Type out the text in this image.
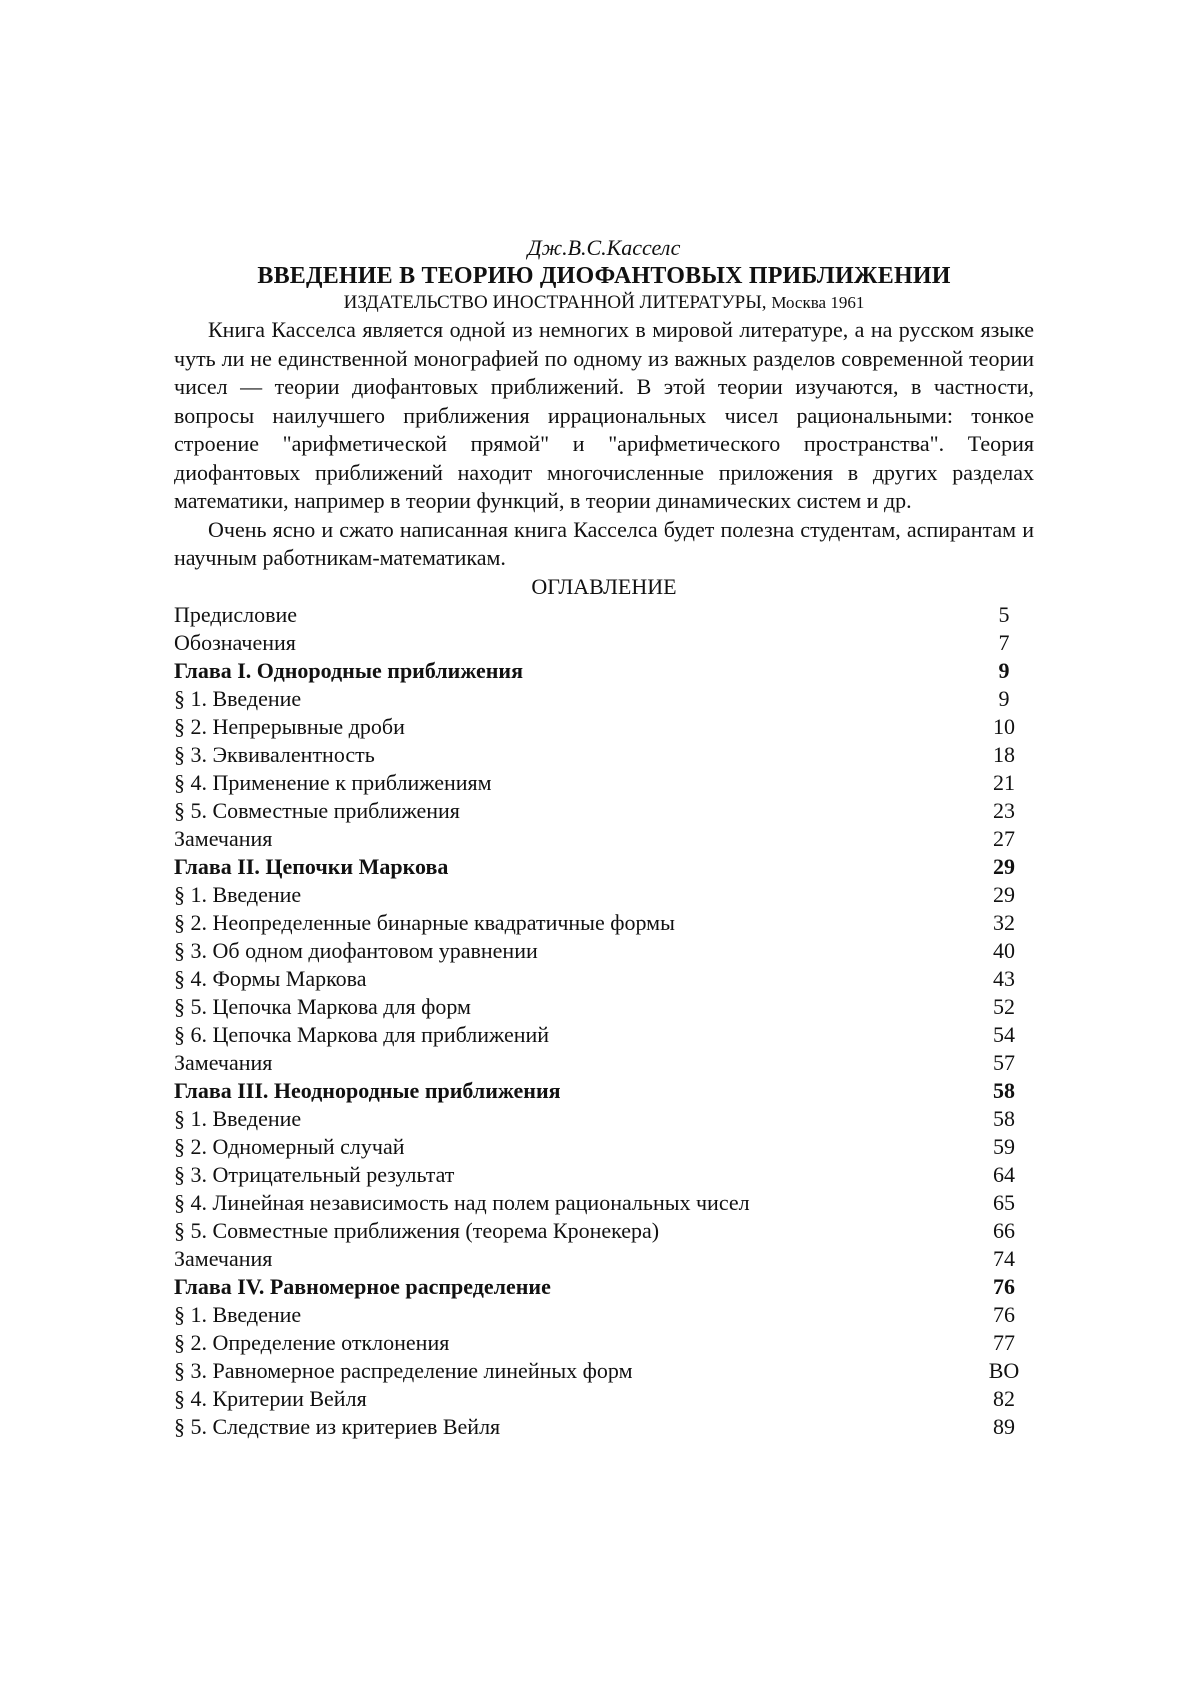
Дж.В.С.Касселс

ВВЕДЕНИЕ В ТЕОРИЮ ДИОФАНТОВЫХ ПРИБЛИЖЕНИИ

ИЗДАТЕЛЬСТВО ИНОСТРАННОЙ ЛИТЕРАТУРЫ, Москва 1961

Книга Касселса является одной из немногих в мировой литературе, а на русском языке чуть ли не единственной монографией по одному из важных разделов современной теории чисел — теории диофантовых приближений. В этой теории изучаются, в частности, вопросы наилучшего приближения иррациональных чисел рациональными: тонкое строение "арифметической прямой" и "арифметического пространства". Теория диофантовых приближений находит многочисленные приложения в других разделах математики, например в теории функций, в теории динамических систем и др.

Очень ясно и сжато написанная книга Касселса будет полезна студентам, аспирантам и научным работникам-математикам.

ОГЛАВЛЕНИЕ

Предисловие	5
Обозначения	7
Глава I. Однородные приближения	9
§ 1. Введение	9
§ 2. Непрерывные дроби	10
§ 3. Эквивалентность	18
§ 4. Применение к приближениям	21
§ 5. Совместные приближения	23
Замечания	27
Глава II. Цепочки Маркова	29
§ 1. Введение	29
§ 2. Неопределенные бинарные квадратичные формы	32
§ 3. Об одном диофантовом уравнении	40
§ 4. Формы Маркова	43
§ 5. Цепочка Маркова для форм	52
§ 6. Цепочка Маркова для приближений	54
Замечания	57
Глава III. Неоднородные приближения	58
§ 1. Введение	58
§ 2. Одномерный случай	59
§ 3. Отрицательный результат	64
§ 4. Линейная независимость над полем рациональных чисел	65
§ 5. Совместные приближения (теорема Кронекера)	66
Замечания	74
Глава IV. Равномерное распределение	76
§ 1. Введение	76
§ 2. Определение отклонения	77
§ 3. Равномерное распределение линейных форм	ВО
§ 4. Критерии Вейля	82
§ 5. Следствие из критериев Вейля	89
